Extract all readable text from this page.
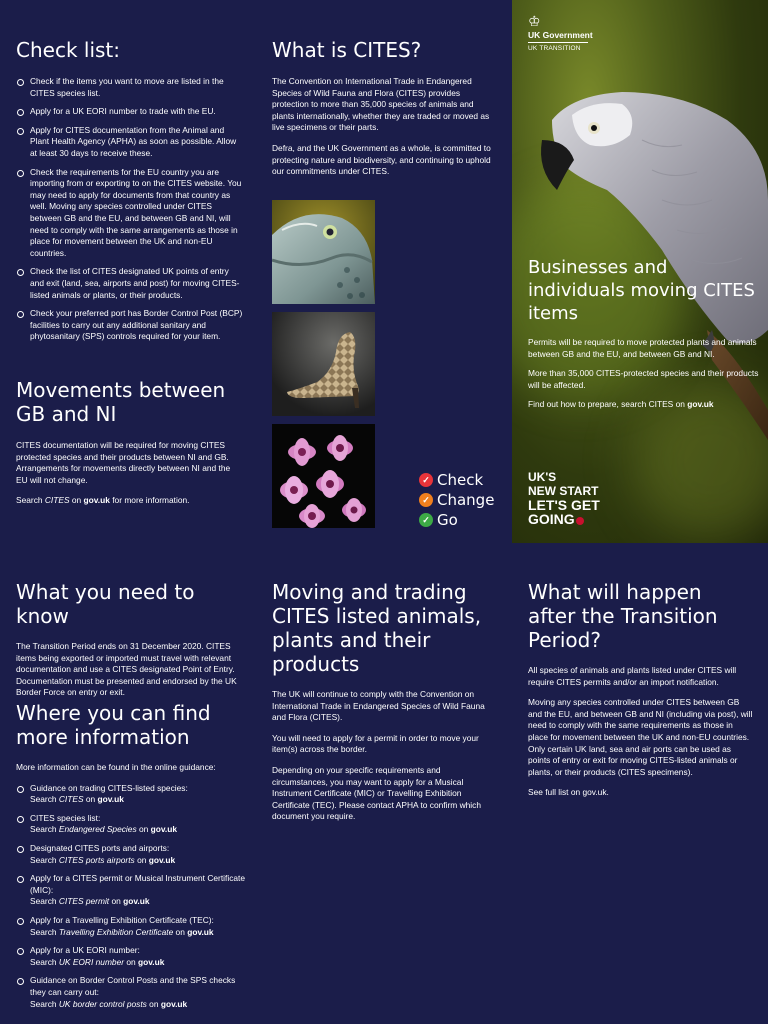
Check list:
Check if the items you want to move are listed in the CITES species list.
Apply for a UK EORI number to trade with the EU.
Apply for CITES documentation from the Animal and Plant Health Agency (APHA) as soon as possible. Allow at least 30 days to receive these.
Check the requirements for the EU country you are importing from or exporting to on the CITES website. You may need to apply for documents from that country as well. Moving any species controlled under CITES between GB and the EU, and between GB and NI, will need to comply with the same arrangements as those in place for movement between the UK and non-EU countries.
Check the list of CITES designated UK points of entry and exit (land, sea, airports and post) for moving CITES-listed animals or plants, or their products.
Check your preferred port has Border Control Post (BCP) facilities to carry out any additional sanitary and phytosanitary (SPS) controls required for your item.
Movements between GB and NI

CITES documentation will be required for moving CITES protected species and their products between NI and GB. Arrangements for movements directly between NI and the EU will not change.

Search CITES on gov.uk for more information.

What is CITES?

The Convention on International Trade in Endangered Species of Wild Fauna and Flora (CITES) provides protection to more than 35,000 species of animals and plants internationally, whether they are traded or moved as live specimens or their parts.

Defra, and the UK Government as a whole, is committed to protecting nature and biodiversity, and continuing to uphold our commitments under CITES.

✓ Check
✓ Change
✓ Go
♔
UK Government
UK TRANSITION
Businesses and individuals moving CITES items

Permits will be required to move protected plants and animals between GB and the EU, and between GB and NI.

More than 35,000 CITES-protected species and their products will be affected.

Find out how to prepare, search CITES on gov.uk

UK'S
NEW START
LET'S GET
GOING
What you need to know

The Transition Period ends on 31 December 2020. CITES items being exported or imported must travel with relevant documentation and use a CITES designated Point of Entry. Documentation must be presented and endorsed by the UK Border Force on entry or exit.

Where you can find more information

More information can be found in the online guidance:

Guidance on trading CITES-listed species:
Search CITES on gov.uk
CITES species list:
Search Endangered Species on gov.uk
Designated CITES ports and airports:
Search CITES ports airports on gov.uk
Apply for a CITES permit or Musical Instrument Certificate (MIC):
Search CITES permit on gov.uk
Apply for a Travelling Exhibition Certificate (TEC):
Search Travelling Exhibition Certificate on gov.uk
Apply for a UK EORI number:
Search UK EORI number on gov.uk
Guidance on Border Control Posts and the SPS checks they can carry out:
Search UK border control posts on gov.uk
Moving and trading CITES listed animals, plants and their products

The UK will continue to comply with the Convention on International Trade in Endangered Species of Wild Fauna and Flora (CITES).

You will need to apply for a permit in order to move your item(s) across the border.

Depending on your specific requirements and circumstances, you may want to apply for a Musical Instrument Certificate (MIC) or Travelling Exhibition Certificate (TEC). Please contact APHA to confirm which document you require.

What will happen after the Transition Period?

All species of animals and plants listed under CITES will require CITES permits and/or an import notification.

Moving any species controlled under CITES between GB and the EU, and between GB and NI (including via post), will need to comply with the same requirements as those in place for movement between the UK and non-EU countries. Only certain UK land, sea and air ports can be used as points of entry or exit for moving CITES-listed animals or plants, or their products (CITES specimens).

See full list on gov.uk.
